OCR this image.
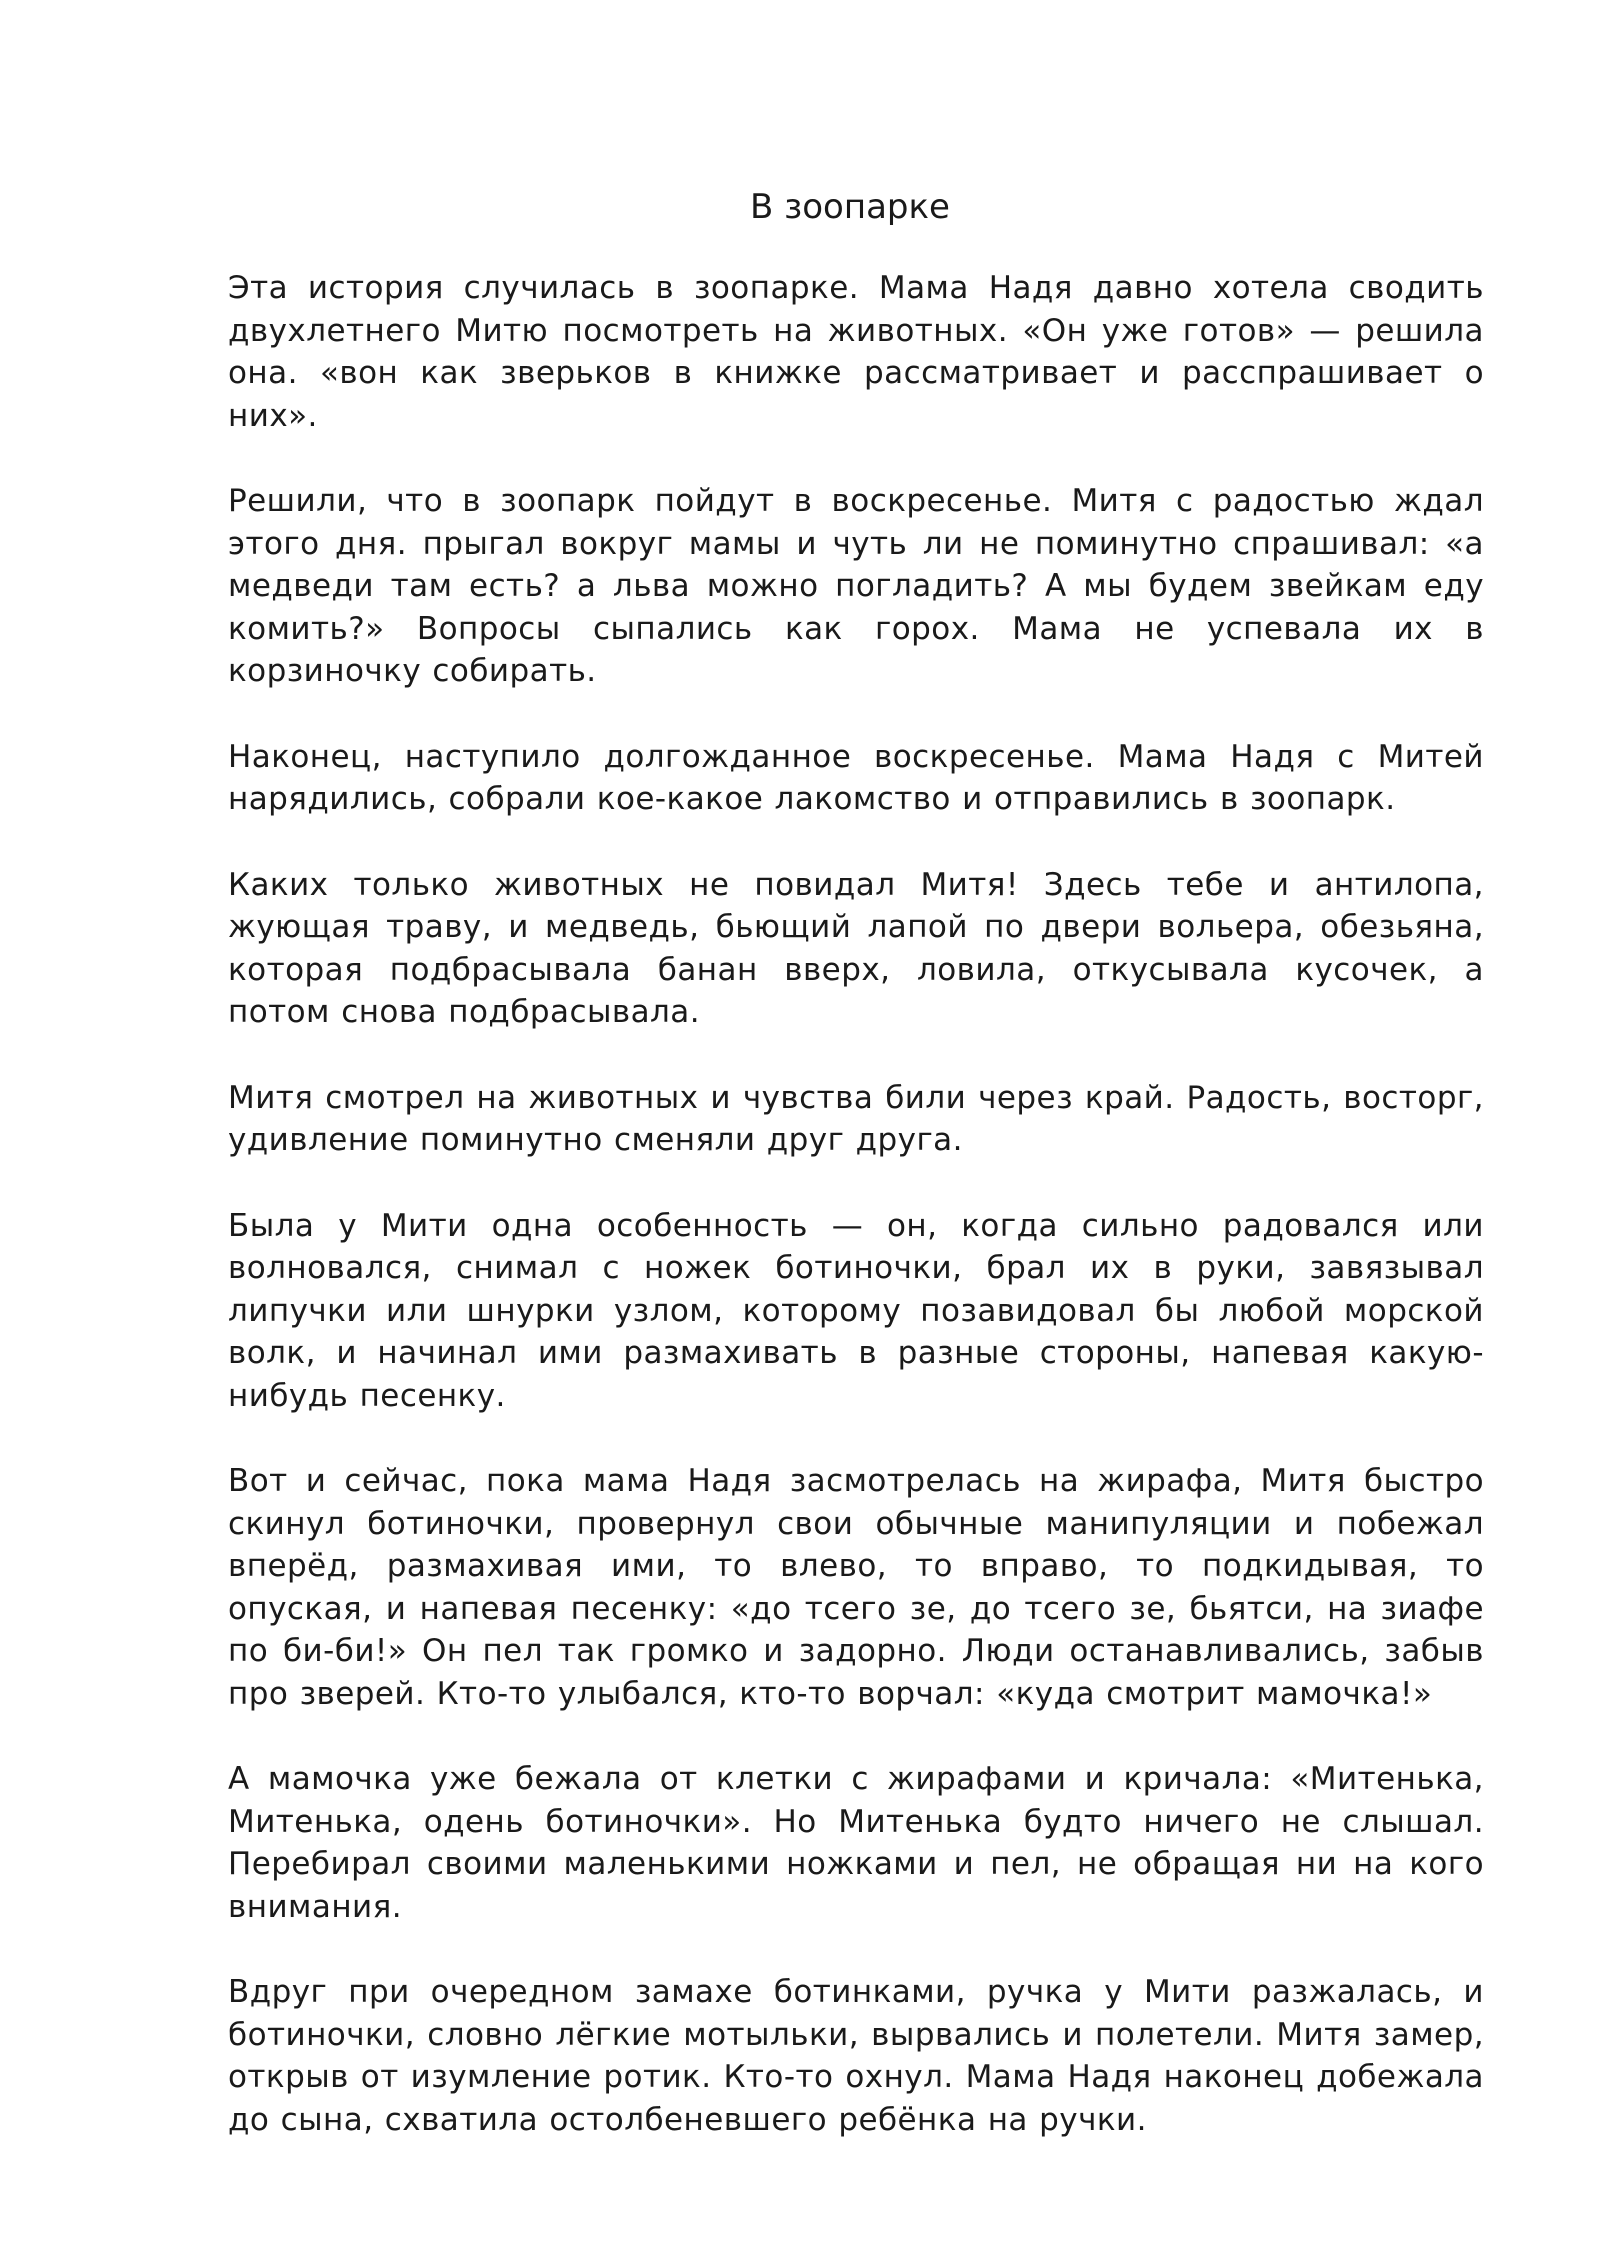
В зоопарке

Эта история случилась в зоопарке. Мама Надя давно хотела сводить двухлетнего Митю посмотреть на животных. «Он уже готов» — решила она. «вон как зверьков в книжке рассматривает и расспрашивает о них».

Решили, что в зоопарк пойдут в воскресенье. Митя с радостью ждал этого дня. прыгал вокруг мамы и чуть ли не поминутно спрашивал: «а медведи там есть? а льва можно погладить? А мы будем звейкам еду комить?» Вопросы сыпались как горох. Мама не успевала их в корзиночку собирать.

Наконец, наступило долгожданное воскресенье. Мама Надя с Митей нарядились, собрали кое-какое лакомство и отправились в зоопарк.

Каких только животных не повидал Митя! Здесь тебе и антилопа, жующая траву, и медведь, бьющий лапой по двери вольера, обезьяна, которая подбрасывала банан вверх, ловила, откусывала кусочек, а потом снова подбрасывала.

Митя смотрел на животных и чувства били через край. Радость, восторг, удивление поминутно сменяли друг друга.

Была у Мити одна особенность — он, когда сильно радовался или волновался, снимал с ножек ботиночки, брал их в руки, завязывал липучки или шнурки узлом, которому позавидовал бы любой морской волк, и начинал ими размахивать в разные стороны, напевая какую-нибудь песенку.

Вот и сейчас, пока мама Надя засмотрелась на жирафа, Митя быстро скинул ботиночки, провернул свои обычные манипуляции и побежал вперёд, размахивая ими, то влево, то вправо, то подкидывая, то опуская, и напевая песенку: «до тсего зе, до тсего зе, бьятси, на зиафе по би-би!» Он пел так громко и задорно. Люди останавливались, забыв про зверей. Кто-то улыбался, кто-то ворчал: «куда смотрит мамочка!»

А мамочка уже бежала от клетки с жирафами и кричала: «Митенька, Митенька, одень ботиночки». Но Митенька будто ничего не слышал. Перебирал своими маленькими ножками и пел, не обращая ни на кого внимания.

Вдруг при очередном замахе ботинками, ручка у Мити разжалась, и ботиночки, словно лёгкие мотыльки, вырвались и полетели. Митя замер, открыв от изумление ротик. Кто-то охнул. Мама Надя наконец добежала до сына, схватила остолбеневшего ребёнка на ручки.
